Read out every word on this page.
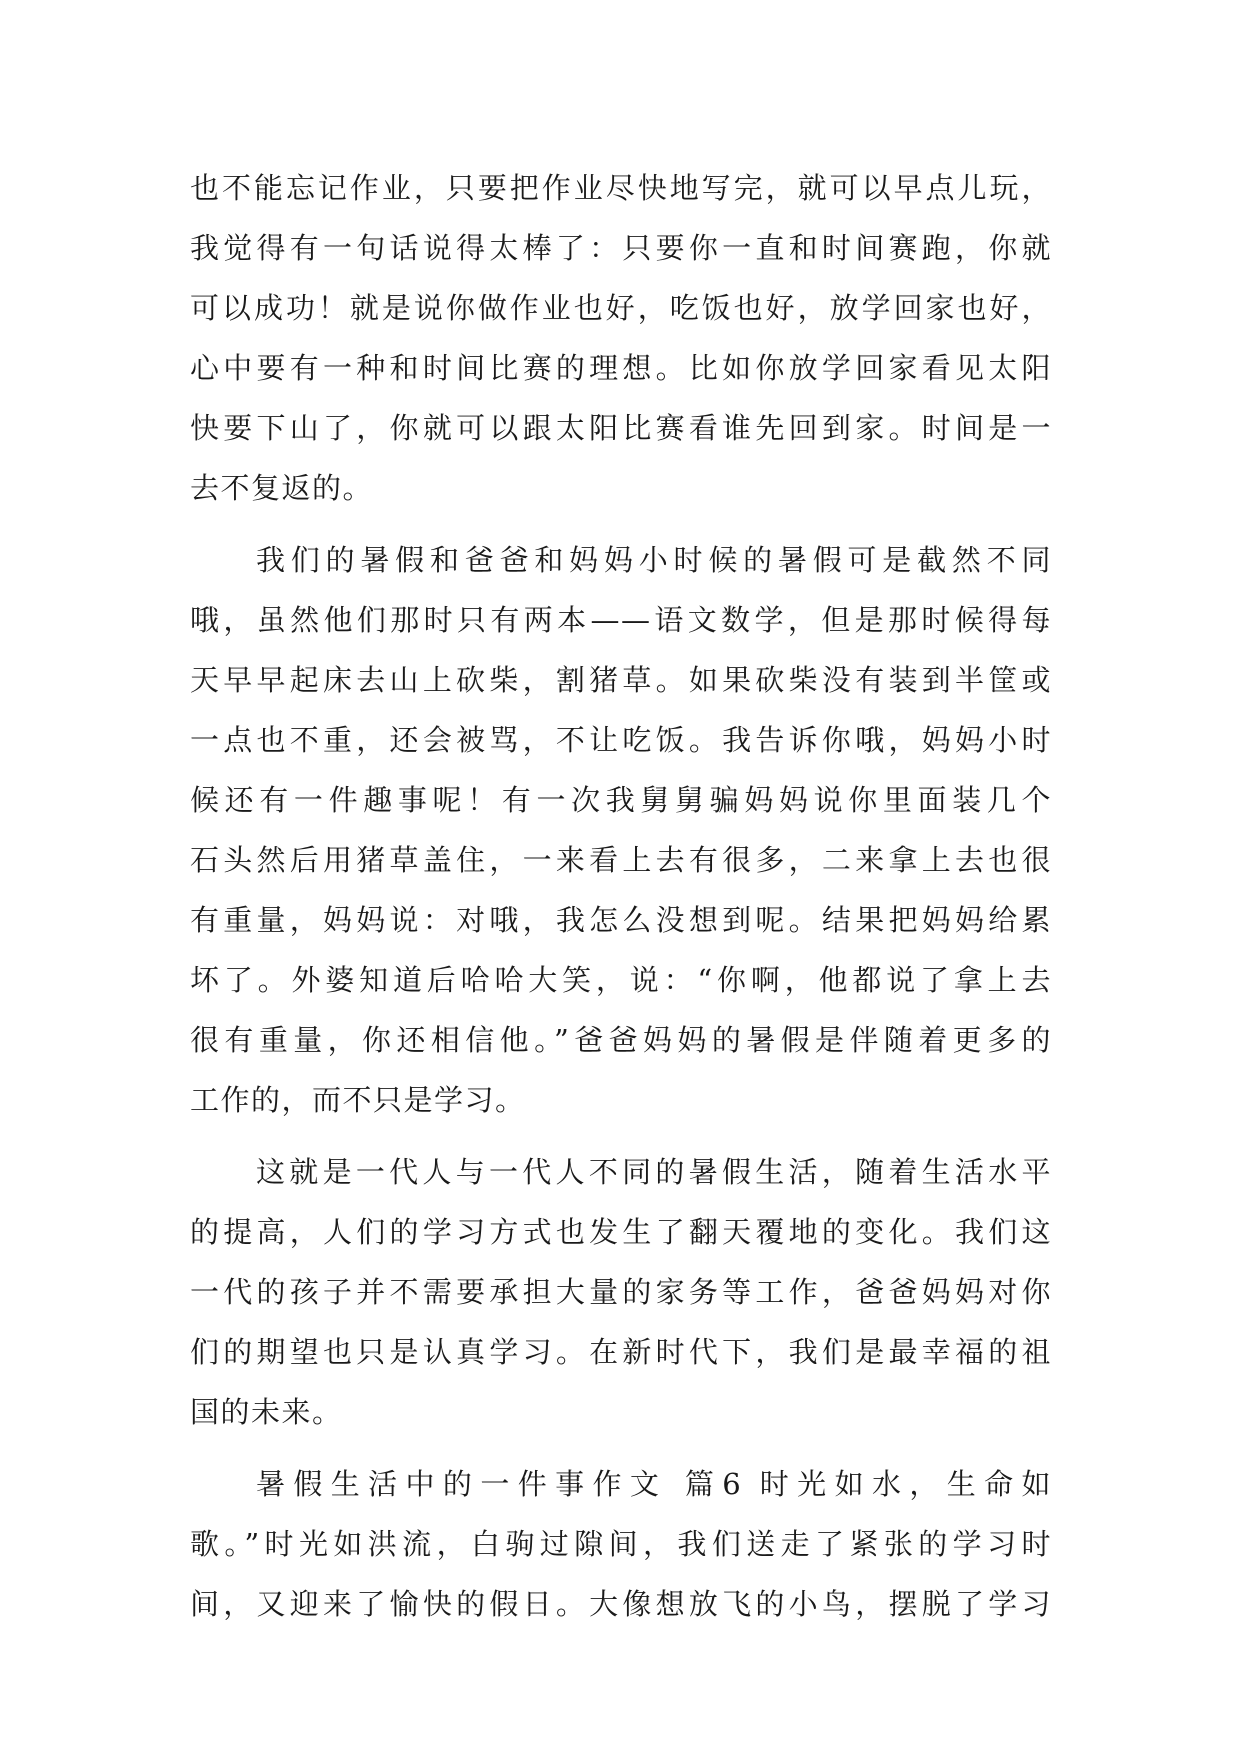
也不能忘记作业，只要把作业尽快地写完，就可以早点儿玩，
我觉得有一句话说得太棒了：只要你一直和时间赛跑，你就
可以成功！就是说你做作业也好，吃饭也好，放学回家也好，
心中要有一种和时间比赛的理想。比如你放学回家看见太阳
快要下山了，你就可以跟太阳比赛看谁先回到家。时间是一
去不复返的。

我们的暑假和爸爸和妈妈小时候的暑假可是截然不同
哦，虽然他们那时只有两本——语文数学，但是那时候得每
天早早起床去山上砍柴，割猪草。如果砍柴没有装到半筐或
一点也不重，还会被骂，不让吃饭。我告诉你哦，妈妈小时
候还有一件趣事呢！有一次我舅舅骗妈妈说你里面装几个
石头然后用猪草盖住，一来看上去有很多，二来拿上去也很
有重量，妈妈说：对哦，我怎么没想到呢。结果把妈妈给累
坏了。外婆知道后哈哈大笑，说：“你啊，他都说了拿上去
很有重量，你还相信他。”爸爸妈妈的暑假是伴随着更多的
工作的，而不只是学习。

这就是一代人与一代人不同的暑假生活，随着生活水平
的提高，人们的学习方式也发生了翻天覆地的变化。我们这
一代的孩子并不需要承担大量的家务等工作，爸爸妈妈对你
们的期望也只是认真学习。在新时代下，我们是最幸福的祖
国的未来。

暑假生活中的一件事作文 篇6 时光如水，生命如
歌。”时光如洪流，白驹过隙间，我们送走了紧张的学习时
间，又迎来了愉快的假日。大像想放飞的小鸟，摆脱了学习
